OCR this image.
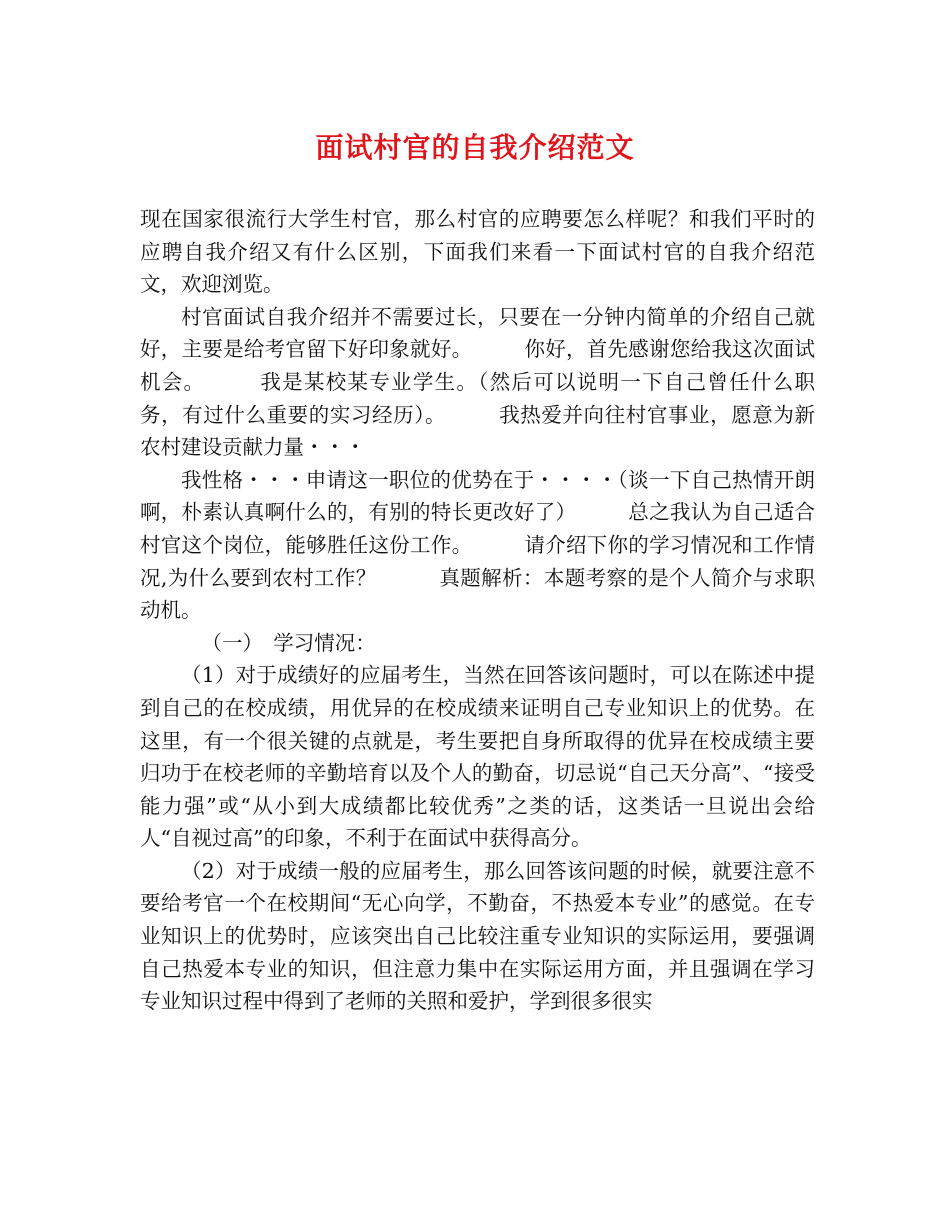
面试村官的自我介绍范文

现在国家很流行大学生村官，那么村官的应聘要怎么样呢？和我们平时的应聘自我介绍又有什么区别，下面我们来看一下面试村官的自我介绍范文，欢迎浏览。

村官面试自我介绍并不需要过长，只要在一分钟内简单的介绍自己就好，主要是给考官留下好印象就好。　　　你好，首先感谢您给我这次面试机会。　　　我是某校某专业学生。（然后可以说明一下自己曾任什么职务，有过什么重要的实习经历）。　　　我热爱并向往村官事业，愿意为新农村建设贡献力量・・・

我性格・・・申请这一职位的优势在于・・・・（谈一下自己热情开朗啊，朴素认真啊什么的，有别的特长更改好了）　　　总之我认为自己适合村官这个岗位，能够胜任这份工作。　　　请介绍下你的学习情况和工作情况,为什么要到农村工作？　　　真题解析：本题考察的是个人简介与求职动机。

（一）　学习情况：

（1）对于成绩好的应届考生，当然在回答该问题时，可以在陈述中提到自己的在校成绩，用优异的在校成绩来证明自己专业知识上的优势。在这里，有一个很关键的点就是，考生要把自身所取得的优异在校成绩主要归功于在校老师的辛勤培育以及个人的勤奋，切忌说“自己天分高”、“接受能力强”或“从小到大成绩都比较优秀”之类的话，这类话一旦说出会给人“自视过高”的印象，不利于在面试中获得高分。

（2）对于成绩一般的应届考生，那么回答该问题的时候，就要注意不要给考官一个在校期间“无心向学，不勤奋，不热爱本专业”的感觉。在专业知识上的优势时，应该突出自己比较注重专业知识的实际运用，要强调自己热爱本专业的知识，但注意力集中在实际运用方面，并且强调在学习专业知识过程中得到了老师的关照和爱护，学到很多很实
